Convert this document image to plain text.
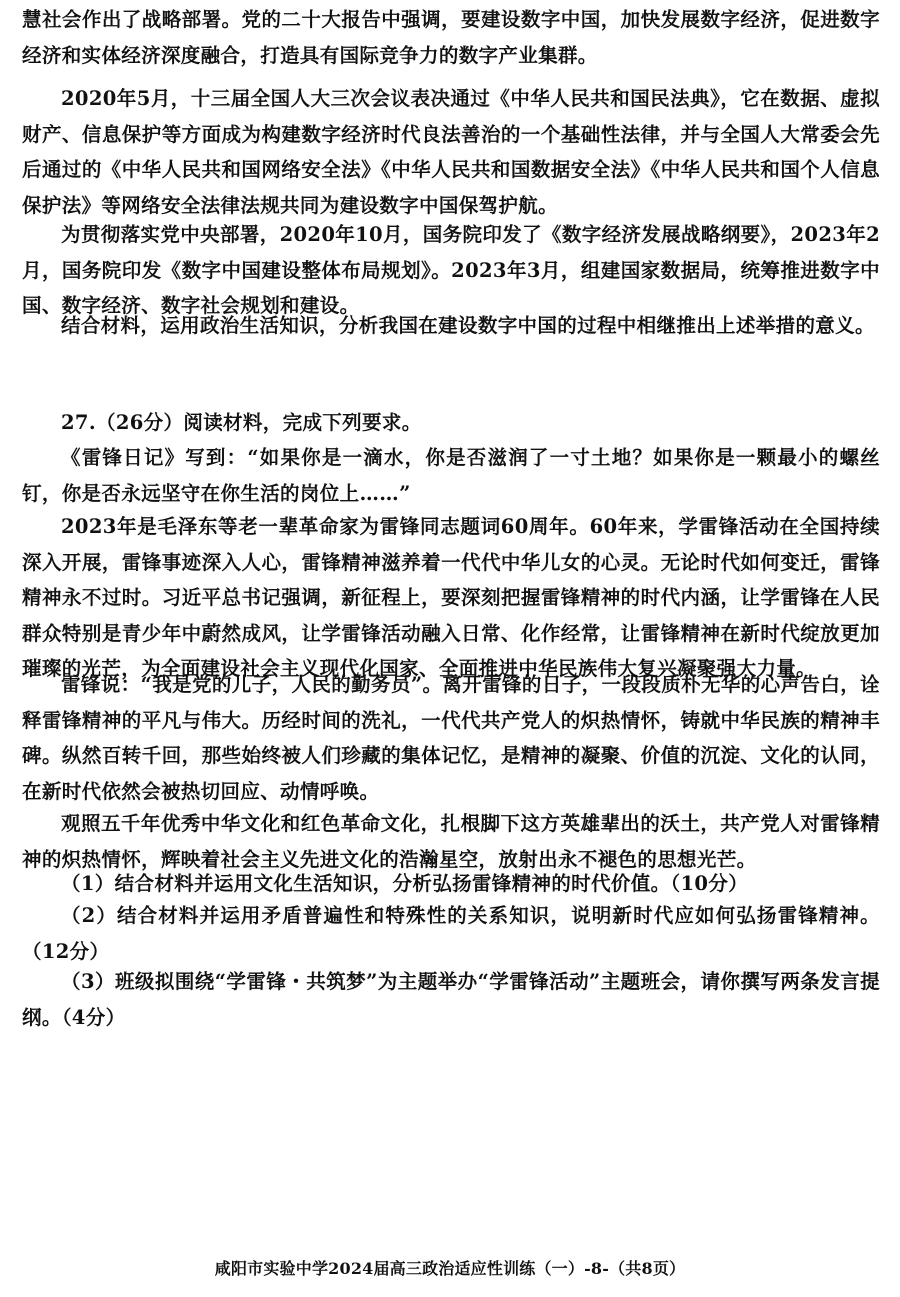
慧社会作出了战略部署。党的二十大报告中强调，要建设数字中国，加快发展数字经济，促进数字经济和实体经济深度融合，打造具有国际竞争力的数字产业集群。

2020年5月，十三届全国人大三次会议表决通过《中华人民共和国民法典》，它在数据、虚拟财产、信息保护等方面成为构建数字经济时代良法善治的一个基础性法律，并与全国人大常委会先后通过的《中华人民共和国网络安全法》《中华人民共和国数据安全法》《中华人民共和国个人信息保护法》等网络安全法律法规共同为建设数字中国保驾护航。

为贯彻落实党中央部署，2020年10月，国务院印发了《数字经济发展战略纲要》，2023年2月，国务院印发《数字中国建设整体布局规划》。2023年3月，组建国家数据局，统筹推进数字中国、数字经济、数字社会规划和建设。

结合材料，运用政治生活知识，分析我国在建设数字中国的过程中相继推出上述举措的意义。

27.（26分）阅读材料，完成下列要求。

《雷锋日记》写到：“如果你是一滴水，你是否滋润了一寸土地？如果你是一颗最小的螺丝钉，你是否永远坚守在你生活的岗位上……”

2023年是毛泽东等老一辈革命家为雷锋同志题词60周年。60年来，学雷锋活动在全国持续深入开展，雷锋事迹深入人心，雷锋精神滋养着一代代中华儿女的心灵。无论时代如何变迁，雷锋精神永不过时。习近平总书记强调，新征程上，要深刻把握雷锋精神的时代内涵，让学雷锋在人民群众特别是青少年中蔚然成风，让学雷锋活动融入日常、化作经常，让雷锋精神在新时代绽放更加璀璨的光芒，为全面建设社会主义现代化国家、全面推进中华民族伟大复兴凝聚强大力量。

雷锋说：“我是党的儿子，人民的勤务员”。离开雷锋的日子，一段段质朴无华的心声告白，诠释雷锋精神的平凡与伟大。历经时间的洗礼，一代代共产党人的炽热情怀，铸就中华民族的精神丰碑。纵然百转千回，那些始终被人们珍藏的集体记忆，是精神的凝聚、价值的沉淀、文化的认同，在新时代依然会被热切回应、动情呼唤。

观照五千年优秀中华文化和红色革命文化，扎根脚下这方英雄辈出的沃土，共产党人对雷锋精神的炽热情怀，辉映着社会主义先进文化的浩瀚星空，放射出永不褪色的思想光芒。

（1）结合材料并运用文化生活知识，分析弘扬雷锋精神的时代价值。（10分）

（2）结合材料并运用矛盾普遍性和特殊性的关系知识，说明新时代应如何弘扬雷锋精神。（12分）

（3）班级拟围绕“学雷锋・共筑梦”为主题举办“学雷锋活动”主题班会，请你撰写两条发言提纲。（4分）

咸阳市实验中学2024届高三政治适应性训练（一）-8-（共8页）
